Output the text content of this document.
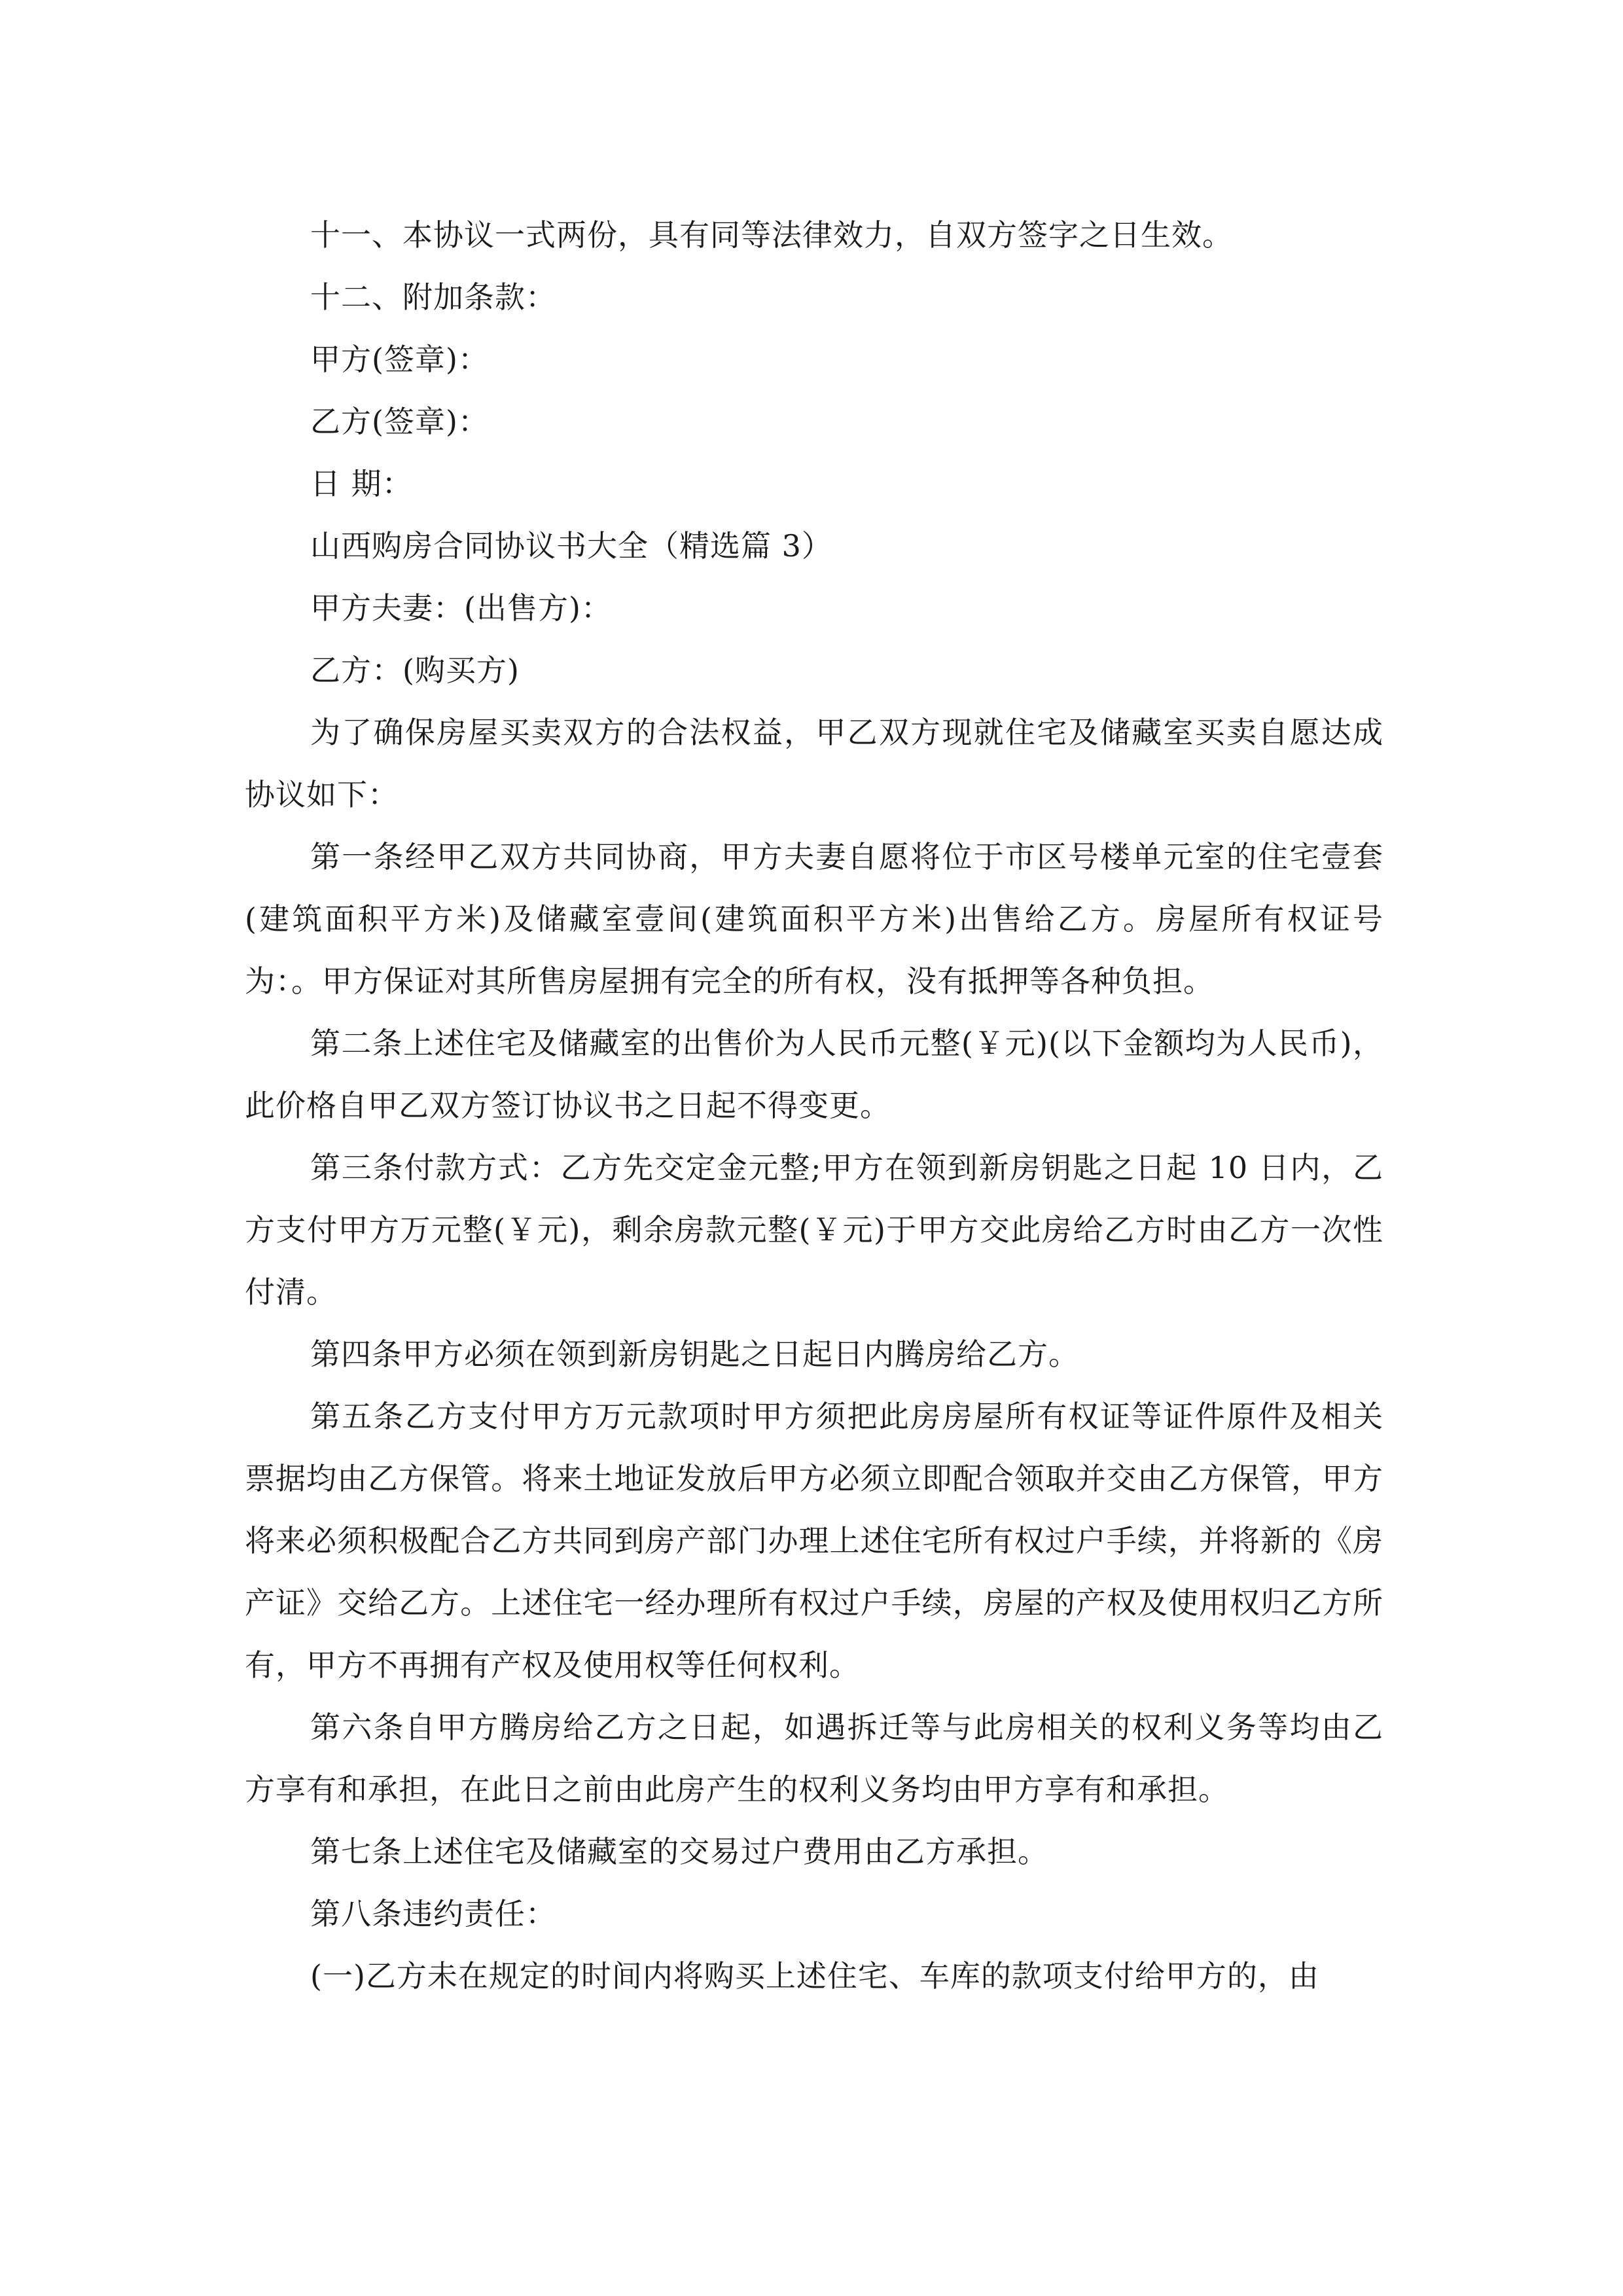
十一、本协议一式两份，具有同等法律效力，自双方签字之日生效。

十二、附加条款：

甲方(签章)：

乙方(签章)：

日 期：

山西购房合同协议书大全（精选篇 3）

甲方夫妻：(出售方)：

乙方：(购买方)

为了确保房屋买卖双方的合法权益，甲乙双方现就住宅及储藏室买卖自愿达成协议如下：

第一条经甲乙双方共同协商，甲方夫妻自愿将位于市区号楼单元室的住宅壹套(建筑面积平方米)及储藏室壹间(建筑面积平方米)出售给乙方。房屋所有权证号为：。甲方保证对其所售房屋拥有完全的所有权，没有抵押等各种负担。

第二条上述住宅及储藏室的出售价为人民币元整(￥元)(以下金额均为人民币)，此价格自甲乙双方签订协议书之日起不得变更。

第三条付款方式：乙方先交定金元整;甲方在领到新房钥匙之日起 10 日内，乙方支付甲方万元整(￥元)，剩余房款元整(￥元)于甲方交此房给乙方时由乙方一次性付清。

第四条甲方必须在领到新房钥匙之日起日内腾房给乙方。

第五条乙方支付甲方万元款项时甲方须把此房房屋所有权证等证件原件及相关票据均由乙方保管。将来土地证发放后甲方必须立即配合领取并交由乙方保管，甲方将来必须积极配合乙方共同到房产部门办理上述住宅所有权过户手续，并将新的《房产证》交给乙方。上述住宅一经办理所有权过户手续，房屋的产权及使用权归乙方所有，甲方不再拥有产权及使用权等任何权利。

第六条自甲方腾房给乙方之日起，如遇拆迁等与此房相关的权利义务等均由乙方享有和承担，在此日之前由此房产生的权利义务均由甲方享有和承担。

第七条上述住宅及储藏室的交易过户费用由乙方承担。

第八条违约责任：

(一)乙方未在规定的时间内将购买上述住宅、车库的款项支付给甲方的，由
